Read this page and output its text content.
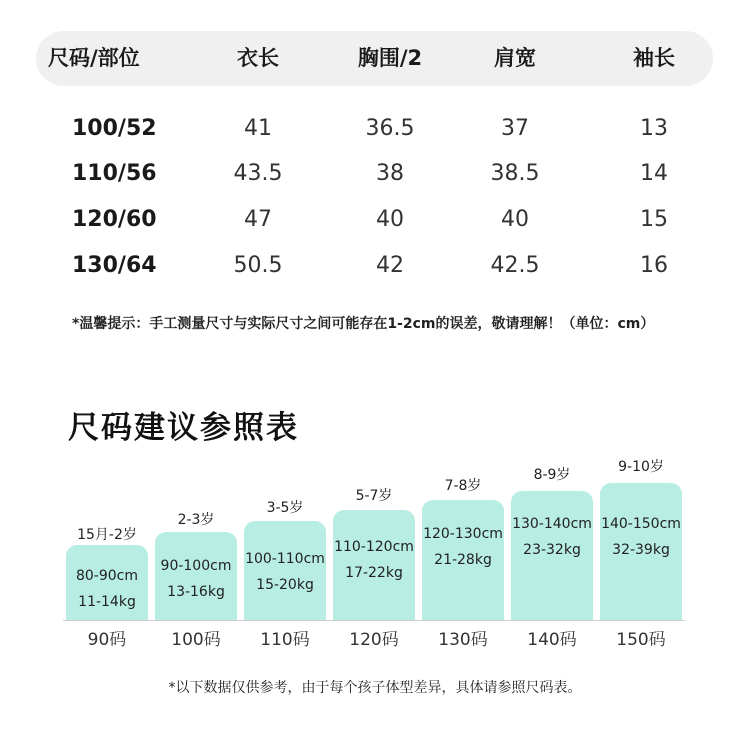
尺码/部位	衣长	胸围/2	肩宽	袖长
100/52	41	36.5	37	13
110/56	43.5	38	38.5	14
120/60	47	40	40	15
130/64	50.5	42	42.5	16
*温馨提示：手工测量尺寸与实际尺寸之间可能存在1-2cm的误差，敬请理解！（单位：cm）
尺码建议参照表
15月-2岁
80-90cm
11-14kg
90码
2-3岁
90-100cm
13-16kg
100码
3-5岁
100-110cm
15-20kg
110码
5-7岁
110-120cm
17-22kg
120码
7-8岁
120-130cm
21-28kg
130码
8-9岁
130-140cm
23-32kg
140码
9-10岁
140-150cm
32-39kg
150码
*以下数据仅供参考，由于每个孩子体型差异，具体请参照尺码表。
